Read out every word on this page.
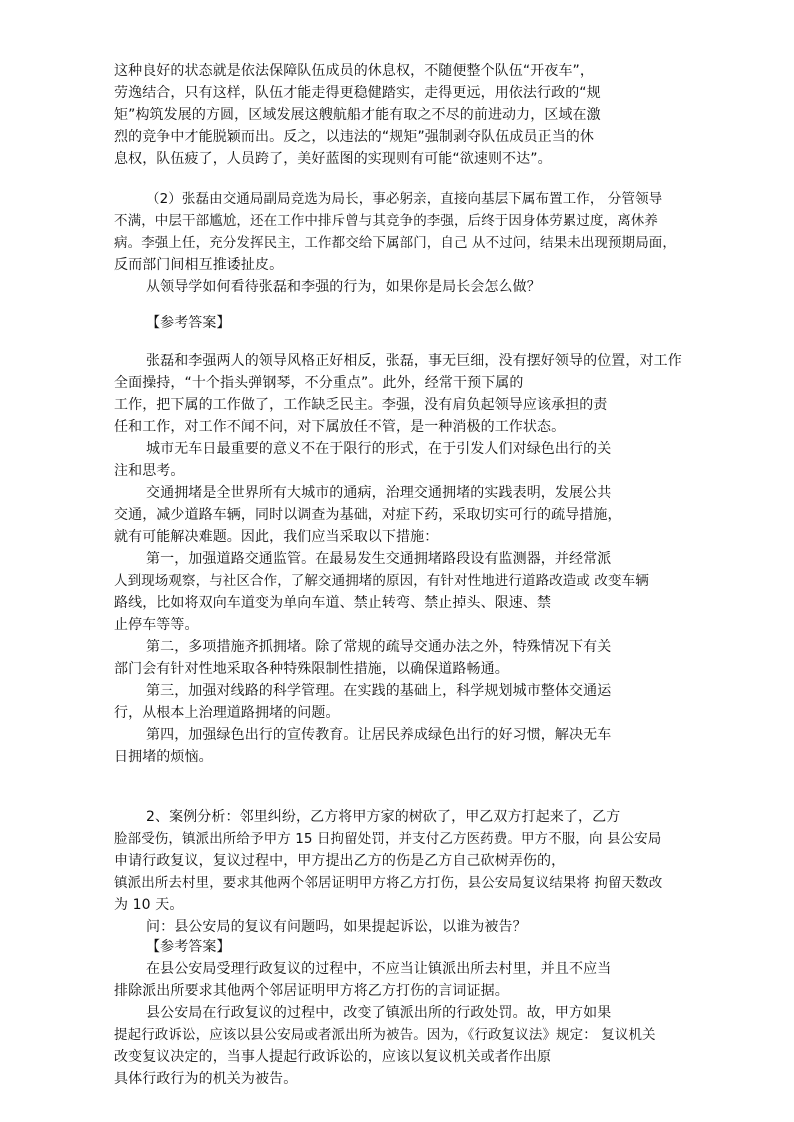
这种良好的状态就是依法保障队伍成员的休息权，不随便整个队伍“开夜车”，
劳逸结合，只有这样，队伍才能走得更稳健踏实，走得更远，用依法行政的“规
矩”构筑发展的方圆，区域发展这艘航船才能有取之不尽的前进动力，区域在激
烈的竞争中才能脱颖而出。反之，以违法的“规矩”强制剥夺队伍成员正当的休
息权，队伍疲了，人员跨了，美好蓝图的实现则有可能“欲速则不达”。
（2）张磊由交通局副局竞选为局长，事必躬亲，直接向基层下属布置工作， 分管领导
不满，中层干部尴尬，还在工作中排斥曾与其竞争的李强，后终于因身体劳累过度，离休养
病。李强上任，充分发挥民主，工作都交给下属部门，自己 从不过问，结果未出现预期局面，
反而部门间相互推诿扯皮。
从领导学如何看待张磊和李强的行为，如果你是局长会怎么做？
【参考答案】
张磊和李强两人的领导风格正好相反，张磊，事无巨细，没有摆好领导的位置，对工作
全面操持，“十个指头弹钢琴，不分重点”。此外，经常干预下属的
工作，把下属的工作做了，工作缺乏民主。李强，没有肩负起领导应该承担的责
任和工作，对工作不闻不问，对下属放任不管，是一种消极的工作状态。
城市无车日最重要的意义不在于限行的形式，在于引发人们对绿色出行的关
注和思考。
交通拥堵是全世界所有大城市的通病，治理交通拥堵的实践表明，发展公共
交通，减少道路车辆，同时以调查为基础，对症下药，采取切实可行的疏导措施，
就有可能解决难题。因此，我们应当采取以下措施：
第一，加强道路交通监管。在最易发生交通拥堵路段设有监测器，并经常派
人到现场观察，与社区合作，了解交通拥堵的原因，有针对性地进行道路改造或 改变车辆
路线，比如将双向车道变为单向车道、禁止转弯、禁止掉头、限速、禁
止停车等等。
第二，多项措施齐抓拥堵。除了常规的疏导交通办法之外，特殊情况下有关
部门会有针对性地采取各种特殊限制性措施，以确保道路畅通。
第三，加强对线路的科学管理。在实践的基础上，科学规划城市整体交通运
行，从根本上治理道路拥堵的问题。
第四，加强绿色出行的宣传教育。让居民养成绿色出行的好习惯，解决无车
日拥堵的烦恼。
2、案例分析：邻里纠纷，乙方将甲方家的树砍了，甲乙双方打起来了，乙方
脸部受伤，镇派出所给予甲方 15 日拘留处罚，并支付乙方医药费。甲方不服，向 县公安局
申请行政复议，复议过程中，甲方提出乙方的伤是乙方自己砍树弄伤的，
镇派出所去村里，要求其他两个邻居证明甲方将乙方打伤，县公安局复议结果将 拘留天数改
为 10 天。
问：县公安局的复议有问题吗，如果提起诉讼，以谁为被告？
【参考答案】
在县公安局受理行政复议的过程中，不应当让镇派出所去村里，并且不应当
排除派出所要求其他两个邻居证明甲方将乙方打伤的言词证据。
县公安局在行政复议的过程中，改变了镇派出所的行政处罚。故，甲方如果
提起行政诉讼，应该以县公安局或者派出所为被告。因为，《行政复议法》规定： 复议机关
改变复议决定的，当事人提起行政诉讼的，应该以复议机关或者作出原
具体行政行为的机关为被告。
